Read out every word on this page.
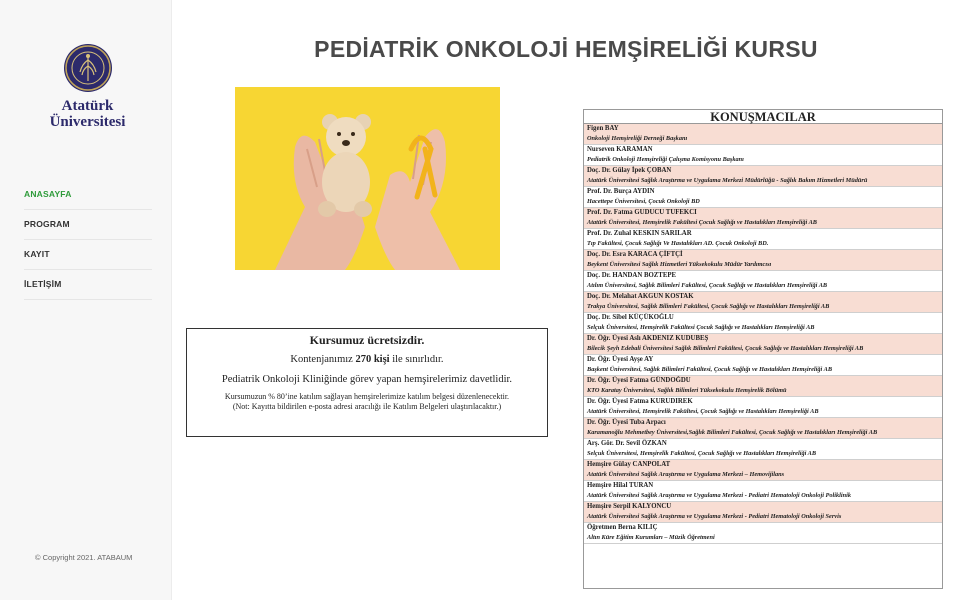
Atatürk
Üniversitesi
ANASAYFA
PROGRAM
KAYIT
İLETİŞİM
© Copyright 2021. ATABAUM
PEDİATRİK ONKOLOJİ HEMŞİRELİĞİ KURSU
Kursumuz ücretsizdir.
Kontenjanımız 270 kişi ile sınırlıdır.
Pediatrik Onkoloji Kliniğinde görev yapan hemşirelerimiz davetlidir.
Kursumuzun % 80’ine katılım sağlayan hemşirelerimize katılım belgesi düzenlenecektir.
(Not: Kayıtta bildirilen e-posta adresi aracılığı ile Katılım Belgeleri ulaştırılacaktır.)
KONUŞMACILAR
Figen BAY
Onkoloji Hemşireliği Derneği Başkanı
Nurseven KARAMAN
Pediatrik Onkoloji Hemşireliği Çalışma Komisyonu Başkanı
Doç. Dr. Gülay İpek ÇOBAN
Atatürk Üniversitesi Sağlık Araştırma ve Uygulama Merkezi Müdürlüğü - Sağlık Bakım Hizmetleri Müdürü
Prof. Dr. Burça AYDIN
Hacettepe Üniversitesi, Çocuk Onkoloji BD
Prof. Dr. Fatma GUDUCU TUFEKCI
Atatürk Üniversitesi, Hemşirelik Fakültesi Çocuk Sağlığı ve Hastalıkları Hemşireliği AB
Prof. Dr. Zuhal KESKIN SARILAR
Tıp Fakültesi, Çocuk Sağlığı Ve Hastalıkları AD. Çocuk Onkoloji BD.
Doç. Dr. Esra KARACA ÇİFTÇİ
Beykent Üniversitesi Sağlık Hizmetleri Yüksekokulu Müdür Yardımcısı
Doç. Dr. HANDAN BOZTEPE
Atılım Üniversitesi, Sağlık Bilimleri Fakültesi, Çocuk Sağlığı ve Hastalıkları Hemşireliği AB
Doç. Dr. Melahat AKGUN KOSTAK
Trakya Üniversitesi, Sağlık Bilimleri Fakültesi, Çocuk Sağlığı ve Hastalıkları Hemşireliği AB
Doç. Dr. Sibel KÜÇÜKOĞLU
Selçuk Üniversitesi, Hemşirelik Fakültesi Çocuk Sağlığı ve Hastalıkları Hemşireliği AB
Dr. Öğr. Üyesi Aslı AKDENIZ KUDUBEŞ
Bilecik Şeyh Edebali Üniversitesi Sağlık Bilimleri Fakültesi, Çocuk Sağlığı ve Hastalıkları Hemşireliği AB
Dr. Öğr. Üyesi Ayşe AY
Başkent Üniversitesi, Sağlık Bilimleri Fakültesi, Çocuk Sağlığı ve Hastalıkları Hemşireliği AB
Dr. Öğr. Üyesi Fatma GÜNDOĞDU
KTO Karatay Üniversitesi, Sağlık Bilimleri Yüksekokulu Hemşirelik Bölümü
Dr. Öğr. Üyesi Fatma KURUDIREK
Atatürk Üniversitesi, Hemşirelik Fakültesi, Çocuk Sağlığı ve Hastalıkları Hemşireliği AB
Dr. Öğr. Üyesi Tuba Arpacı
Karamanoğlu Mehmetbey Üniversitesi,Sağlık Bilimleri Fakültesi, Çocuk Sağlığı ve Hastalıkları Hemşireliği AB
Arş. Gör. Dr. Sevil ÖZKAN
Selçuk Üniversitesi, Hemşirelik Fakültesi, Çocuk Sağlığı ve Hastalıkları Hemşireliği AB
Hemşire Gülay CANPOLAT
Atatürk Üniversitesi Sağlık Araştırma ve Uygulama Merkezi – Hemovijilans
Hemşire Hilal TURAN
Atatürk Üniversitesi Sağlık Araştırma ve Uygulama Merkezi - Pediatri Hematoloji Onkoloji Poliklinik
Hemşire Serpil KALYONCU
Atatürk Üniversitesi Sağlık Araştırma ve Uygulama Merkezi - Pediatri Hematoloji Onkoloji Servis
Öğretmen Berna KILIÇ
Altın Küre Eğitim Kurumları – Müzik Öğretmeni
